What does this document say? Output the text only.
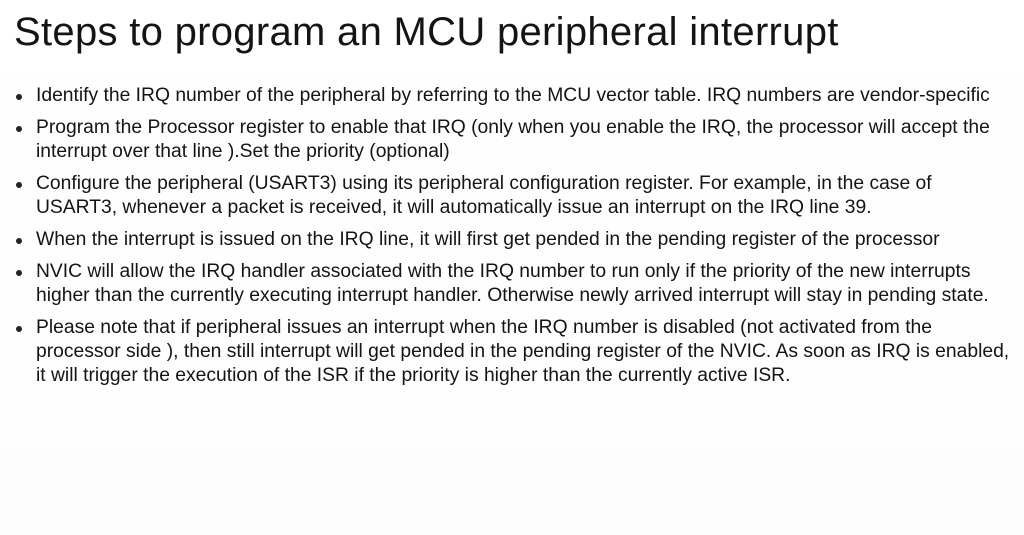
Steps to program an MCU peripheral interrupt
Identify the IRQ number of the peripheral by referring to the MCU vector table. IRQ numbers are vendor-specific
Program the Processor register to enable that IRQ (only when you enable the IRQ, the processor will accept the interrupt over that line ).Set the priority (optional)
Configure the peripheral (USART3) using its peripheral configuration register. For example, in the case of USART3, whenever a packet is received, it will automatically issue an interrupt on the IRQ line 39.
When the interrupt is issued on the IRQ line, it will first get pended in the pending register of the processor
NVIC will allow the IRQ handler associated with the IRQ number to run only if the priority of the new interrupts higher than the currently executing interrupt handler. Otherwise newly arrived interrupt will stay in pending state.
Please note that if peripheral issues an interrupt when the IRQ number is disabled (not activated from the processor side ), then still interrupt will get pended in the pending register of the NVIC. As soon as IRQ is enabled, it will trigger the execution of the ISR if the priority is higher than the currently active ISR.
